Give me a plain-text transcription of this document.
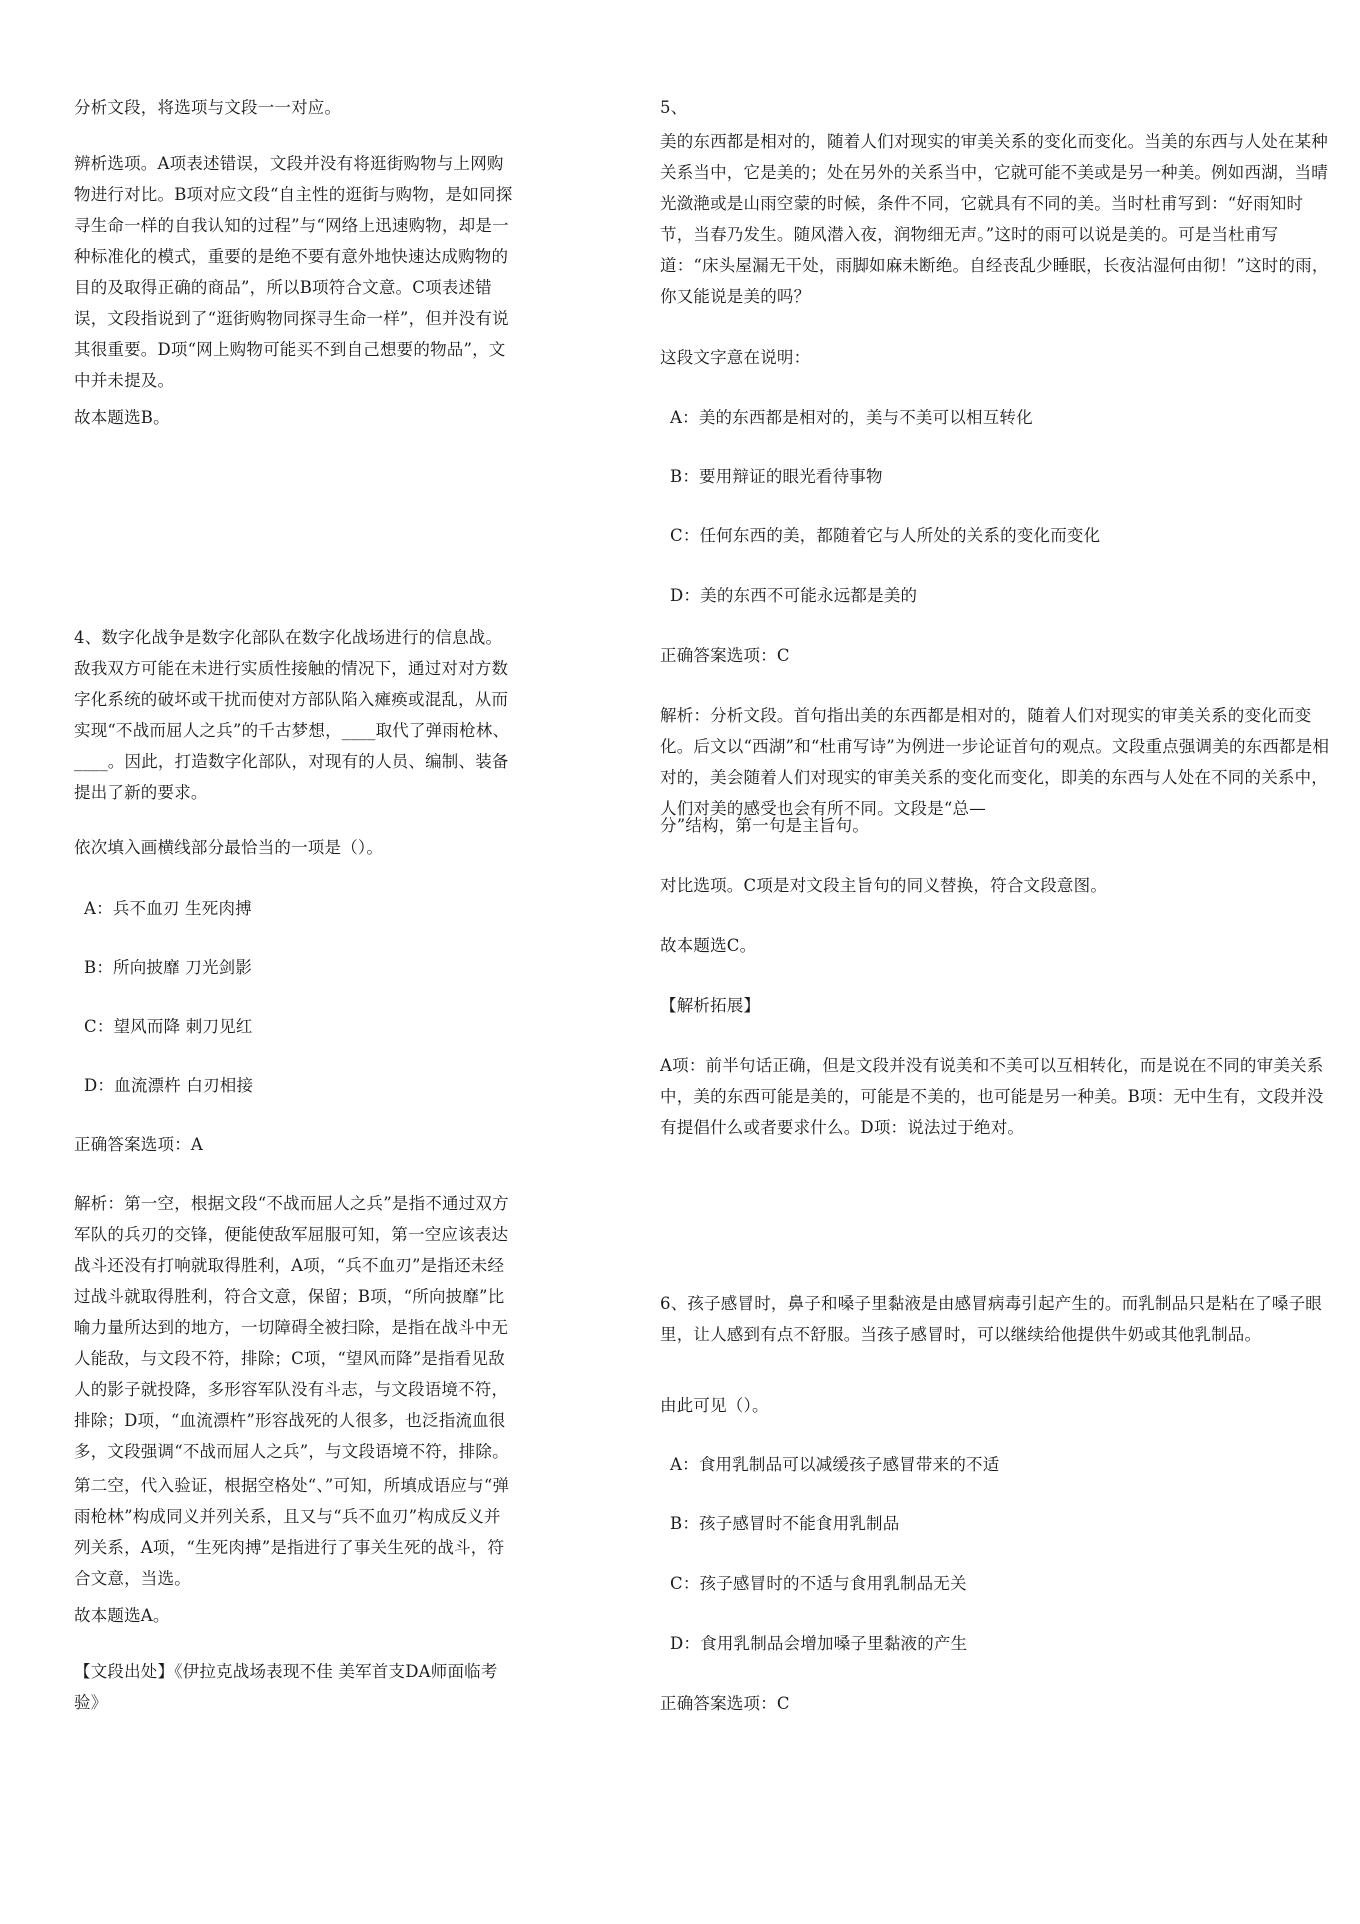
分析文段，将选项与文段一一对应。

辨析选项。A项表述错误，文段并没有将逛街购物与上网购物进行对比。B项对应文段“自主性的逛街与购物，是如同探寻生命一样的自我认知的过程”与“网络上迅速购物，却是一种标准化的模式，重要的是绝不要有意外地快速达成购物的目的及取得正确的商品”，所以B项符合文意。C项表述错误，文段指说到了“逛街购物同探寻生命一样”，但并没有说其很重要。D项“网上购物可能买不到自己想要的物品”，文中并未提及。

故本题选B。

4、数字化战争是数字化部队在数字化战场进行的信息战。敌我双方可能在未进行实质性接触的情况下，通过对对方数字化系统的破坏或干扰而使对方部队陷入瘫痪或混乱，从而实现“不战而屈人之兵”的千古梦想，____取代了弹雨枪林、____。因此，打造数字化部队，对现有的人员、编制、装备提出了新的要求。

依次填入画横线部分最恰当的一项是（）。

A：兵不血刃 生死肉搏

B：所向披靡 刀光剑影

C：望风而降 刺刀见红

D：血流漂杵 白刃相接

正确答案选项：A

解析：第一空，根据文段“不战而屈人之兵”是指不通过双方军队的兵刃的交锋，便能使敌军屈服可知，第一空应该表达战斗还没有打响就取得胜利，A项，“兵不血刃”是指还未经过战斗就取得胜利，符合文意，保留；B项，“所向披靡”比喻力量所达到的地方，一切障碍全被扫除，是指在战斗中无人能敌，与文段不符，排除；C项，“望风而降”是指看见敌人的影子就投降，多形容军队没有斗志，与文段语境不符，排除；D项，“血流漂杵”形容战死的人很多，也泛指流血很多，文段强调“不战而屈人之兵”，与文段语境不符，排除。

第二空，代入验证，根据空格处“、”可知，所填成语应与“弹雨枪林”构成同义并列关系，且又与“兵不血刃”构成反义并列关系，A项，“生死肉搏”是指进行了事关生死的战斗，符合文意，当选。

故本题选A。

【文段出处】《伊拉克战场表现不佳 美军首支DA师面临考验》

5、

美的东西都是相对的，随着人们对现实的审美关系的变化而变化。当美的东西与人处在某种关系当中，它是美的；处在另外的关系当中，它就可能不美或是另一种美。例如西湖，当晴光潋滟或是山雨空蒙的时候，条件不同，它就具有不同的美。当时杜甫写到：“好雨知时节，当春乃发生。随风潜入夜，润物细无声。”这时的雨可以说是美的。可是当杜甫写道：“床头屋漏无干处，雨脚如麻未断绝。自经丧乱少睡眠，长夜沾湿何由彻！”这时的雨，你又能说是美的吗？

这段文字意在说明：

A：美的东西都是相对的，美与不美可以相互转化

B：要用辩证的眼光看待事物

C：任何东西的美，都随着它与人所处的关系的变化而变化

D：美的东西不可能永远都是美的

正确答案选项：C

解析：分析文段。首句指出美的东西都是相对的，随着人们对现实的审美关系的变化而变化。后文以“西湖”和“杜甫写诗”为例进一步论证首句的观点。文段重点强调美的东西都是相对的，美会随着人们对现实的审美关系的变化而变化，即美的东西与人处在不同的关系中，人们对美的感受也会有所不同。文段是“总—

分”结构，第一句是主旨句。

对比选项。C项是对文段主旨句的同义替换，符合文段意图。

故本题选C。

【解析拓展】

A项：前半句话正确，但是文段并没有说美和不美可以互相转化，而是说在不同的审美关系中，美的东西可能是美的，可能是不美的，也可能是另一种美。B项：无中生有，文段并没有提倡什么或者要求什么。D项：说法过于绝对。

6、孩子感冒时，鼻子和嗓子里黏液是由感冒病毒引起产生的。而乳制品只是粘在了嗓子眼里，让人感到有点不舒服。当孩子感冒时，可以继续给他提供牛奶或其他乳制品。

由此可见（）。

A：食用乳制品可以减缓孩子感冒带来的不适

B：孩子感冒时不能食用乳制品

C：孩子感冒时的不适与食用乳制品无关

D：食用乳制品会增加嗓子里黏液的产生

正确答案选项：C
